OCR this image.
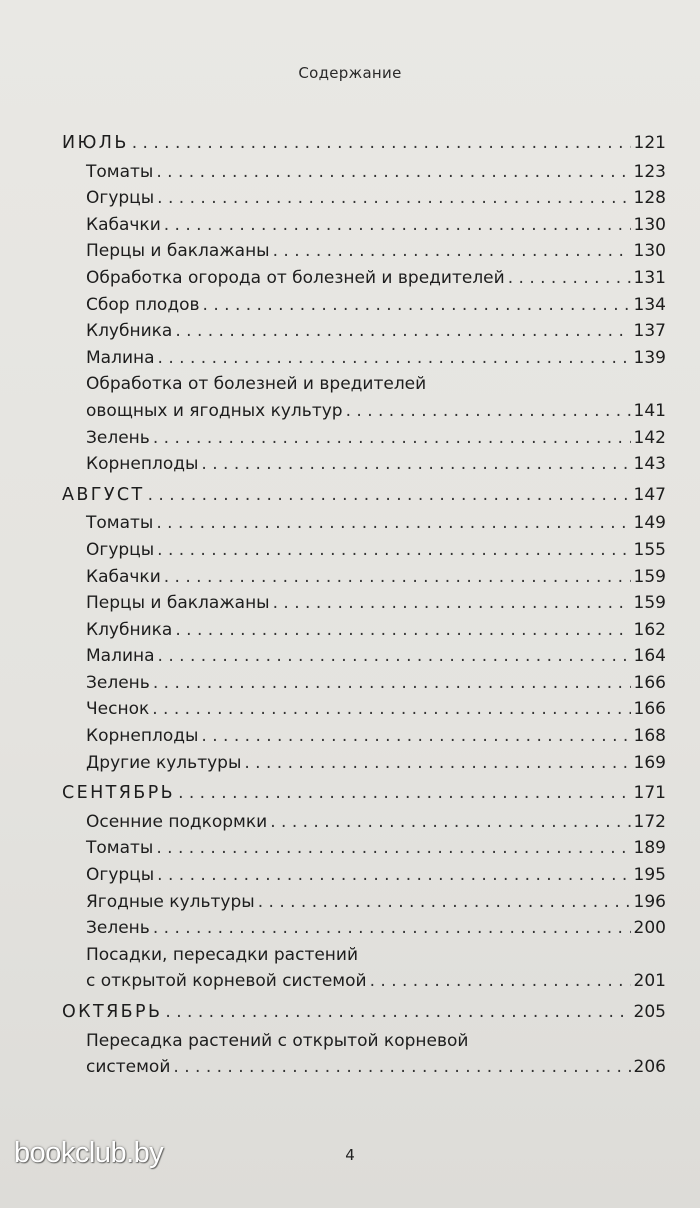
Содержание
ИЮЛЬ . . .	121
Томаты . . .	123
Огурцы . . .	128
Кабачки . . .	130
Перцы и баклажаны . . .	130
Обработка огорода от болезней и вредителей . . .	131
Сбор плодов . . .	134
Клубника . . .	137
Малина . . .	139
Обработка от болезней и вредителей
овощных и ягодных культур . . .	141
Зелень . . .	142
Корнеплоды . . .	143
АВГУСТ . . .	147
Томаты . . .	149
Огурцы . . .	155
Кабачки . . .	159
Перцы и баклажаны . . .	159
Клубника . . .	162
Малина . . .	164
Зелень . . .	166
Чеснок . . .	166
Корнеплоды . . .	168
Другие культуры . . .	169
СЕНТЯБРЬ . . .	171
Осенние подкормки . . .	172
Томаты . . .	189
Огурцы . . .	195
Ягодные культуры . . .	196
Зелень . . .	200
Посадки, пересадки растений
с открытой корневой системой . . .	201
ОКТЯБРЬ . . .	205
Пересадка растений с открытой корневой
системой . . .	206
4
bookclub.by
